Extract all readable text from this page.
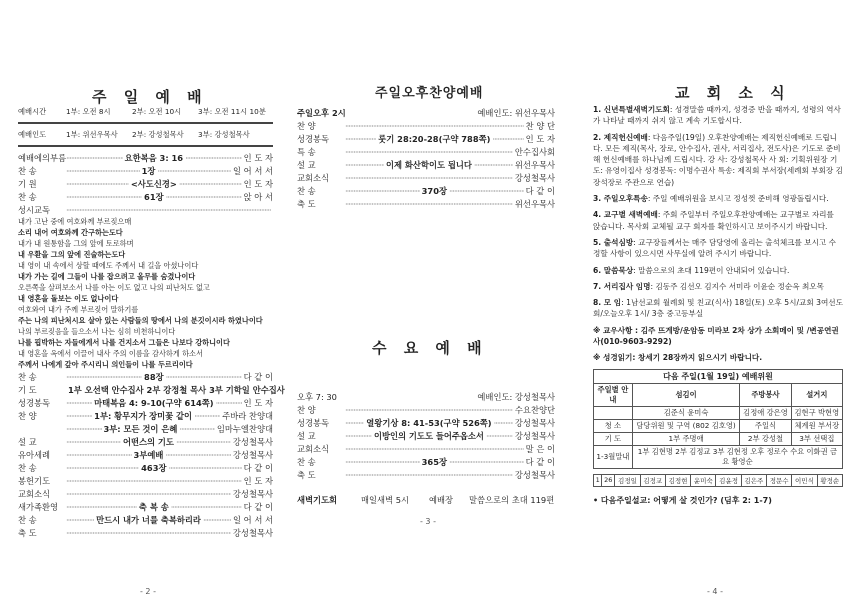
주 일 예 배
예배시간	1부: 오전 8시	2부: 오전 10시	3부: 오전 11시 10분
예배인도	1부: 위선우목사	2부: 강성철목사	3부: 강성철목사
예배에의부름 ·····	요한복음 3: 16 ·····	인 도 자
찬 송 ·····	1장 ·····	일 어 서 서
기 원 ·····	<사도신경> ·····	인 도 자
찬 송 ·····	61장 ·····	앉 아 서
성시교독
·····
내가 고난 중에 여호와께 부르짖으매
소리 내어 여호와께 간구하는도다
내가 내 원통함을 그의 앞에 토로하며
내 우환을 그의 앞에 진술하는도다
내 영이 내 속에서 상할 때에도 주께서 내 길을 아셨나이다
내가 가는 길에 그들이 나를 잡으려고 올무를 숨겼나이다
오른쪽을 살펴보소서 나를 아는 이도 없고 나의 피난처도 없고
내 영혼을 돌보는 이도 없나이다
여호와여 내가 주께 부르짖어 말하기를
주는 나의 피난처시요 살아 있는 사람들의 땅에서 나의 분깃이시라 하였나이다
나의 부르짖음을 들으소서 나는 심히 비천하니이다
나를 핍박하는 자들에게서 나를 건지소서 그들은 나보다 강하니이다
내 영혼을 옥에서 이끌어 내사 주의 이름을 감사하게 하소서
주께서 나에게 갚아 주시리니 의인들이 나를 두르리이다
찬 송 ·····	88장 ·····	다 같 이
기 도	1부 오선택 안수집사 2부 강정철 목사 3부 기학일 안수집사
성경봉독 ·····	마태복음 4: 9-10(구약 614쪽) ·····	인 도 자
찬 양 ·····	1부: 황무지가 장미꽃 같이 ·····	주바라 찬양대
·····
3부: 모든 것이 은혜 ·····	임마누엘찬양대
설 교 ·····	어떤스의 기도 ·····	강성철목사
유아세례 ·····	3부예배 ·····	강성철목사
찬 송 ·····	463장 ·····	다 같 이
봉헌기도 ·····	인 도 자
교회소식 ·····	강성철목사
새가족환영 ·····	축 복 송 ·····	다 같 이
찬 송 ·····	만드시 내가 너를 축복하리라 ·····	일 어 서 서
축 도 ·····	강성철목사
- 2 -
주일오후찬양예배
주일오후 2시	예배인도: 위선우목사
찬 양 ·····	찬 양 단
성경봉독 ·····	룻기 28:20-28(구약 788쪽) ·····	인 도 자
특 송 ·····	안수집사회
설 교 ·····	이제 화산학이도 됩니다 ·····	위선우목사
교회소식 ·····	강성철목사
찬 송 ·····	370장 ·····	다 같 이
축 도 ·····	위선우목사
수 요 예 배
오후 7: 30	예배인도: 강성철목사
찬 양 ·····	수요찬양단
성경봉독 ·····	열왕기상 8: 41-53(구약 526쪽) ·····	강성철목사
설 교 ·····	이방인의 기도도 들어주옵소서 ·····	강성철목사
교회소식 ·····	말 은 이
찬 송 ·····	365장 ·····	다 같 이
축 도 ·····	강성철목사
새벽기도회	매일새벽 5시	예배장	말씀으로의 초대 119편
- 3 -
교 회 소 식

1. 신년특별새벽기도회: 성경말씀 때까지, 성경증 반을 때까지, 성령의 역사가 나타날 때까지 쉬지 않고 계속 기도합시다.

2. 제직헌신예배: 다음주일(19일) 오후찬양예배는 제직헌신예배로 드립니다. 모든 제직(목사, 장로, 안수집사, 권사, 서리집사, 전도사)은 기도로 준비해 헌신예배를 하나님께 드립시다. 강 사: 강성철목사 사 회: 기획위원장 기도: 유영이집사 성경봉독: 이명수권사 특송: 제직회 부서장(세례회 부회장 김장석장로 주관으로 연습)

3. 주일오후특송: 주일 예배위원을 보시고 정성껏 준비해 영광돌립시다.

4. 교구별 새벽예배: 주회 주일부터 주일오후찬양예배는 교구별로 자리를 앉습니다. 목사회 교체될 교구 회자를 확인하시고 보이주시기 바랍니다.

5. 출석심방: 교구장들께서는 매주 담당영에 올리는 출석체크를 보시고 수정할 사항이 있으시면 사무실에 알려 주시기 바랍니다.

6. 말씀묵상: 말씀으로의 초대 119편이 안내되어 있습니다.

7. 서리집사 임명: 김동주 김선오 김지수 서미라 이윤순 정순옥 최오목

8. 모 임: 1남선교회 월례회 및 친교(식사) 18일(토) 오후 5시/교회 3여선도회/오늘오후 1시/ 3층 중고등부실

※ 교우사항 : 김주 뜨게방/운암동 미라보 2차 상가 소회메이 및 /변공연권사(010-9603-9292)

※ 성경읽기: 창세기 28장까지 읽으시기 바랍니다.

다음 주일(1월 19일) 예배위원			
주일별 안내	섬김이	주방봉사	설거지
	김준식 윤미숙	김정애 강은영	김현구 박현영
청 소	담당위원 및 구역 (802 김호영)	주일식	체계원 부서장
기 도	1부 주명애	2부 강성철	3부 선택집
1-3월말내	1부 김현명 2부 김정교 3부 김현정 오후 정로수 수요 이화권 금요 황영순		
1	26	김정일	김정교	김정현	윤미숙	김윤정	김은주	정문수	이민식	황정순

• 다음주일설교: 어떻게 살 것인가? (딤후 2: 1-7)

- 4 -
